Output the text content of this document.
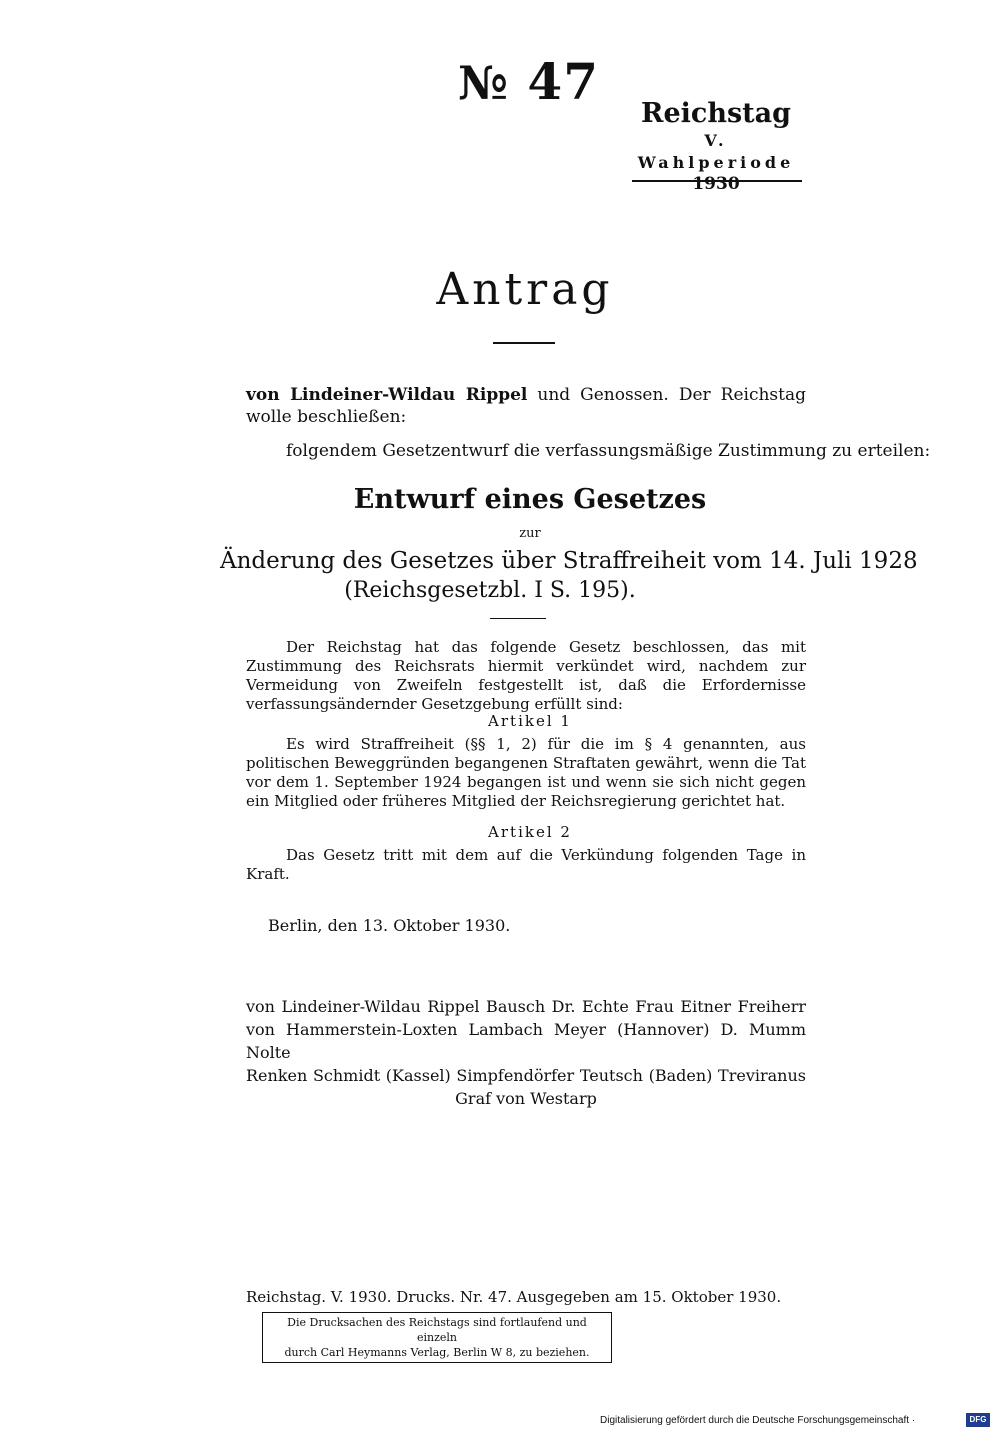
№ 47
Reichstag
V. Wahlperiode
1930
Antrag
von Lindeiner-Wildau Rippel und Genossen. Der Reichstag wolle beschließen:
folgendem Gesetzentwurf die verfassungsmäßige Zustimmung zu erteilen:
Entwurf eines Gesetzes
zur
Änderung des Gesetzes über Straffreiheit vom 14. Juli 1928
(Reichsgesetzbl. I S. 195).
Der Reichstag hat das folgende Gesetz beschlossen, das mit Zustimmung des Reichsrats hiermit verkündet wird, nachdem zur Vermeidung von Zweifeln festgestellt ist, daß die Erfordernisse verfassungsändernder Gesetzgebung erfüllt sind:
Artikel 1
Es wird Straffreiheit (§§ 1, 2) für die im § 4 genannten, aus politischen Beweggründen begangenen Straftaten gewährt, wenn die Tat vor dem 1. September 1924 begangen ist und wenn sie sich nicht gegen ein Mitglied oder früheres Mitglied der Reichsregierung gerichtet hat.
Artikel 2
Das Gesetz tritt mit dem auf die Verkündung folgenden Tage in Kraft.
Berlin, den 13. Oktober 1930.
von Lindeiner-Wildau Rippel Bausch Dr. Echte Frau Eitner Freiherr
von Hammerstein-Loxten Lambach Meyer (Hannover) D. Mumm Nolte
Renken Schmidt (Kassel) Simpfendörfer Teutsch (Baden) Treviranus
Graf von Westarp
Reichstag. V. 1930. Drucks. Nr. 47. Ausgegeben am 15. Oktober 1930.
Die Drucksachen des Reichstags sind fortlaufend und einzeln
durch Carl Heymanns Verlag, Berlin W 8, zu beziehen.
Digitalisierung gefördert durch die Deutsche Forschungsgemeinschaft ·	DFG
